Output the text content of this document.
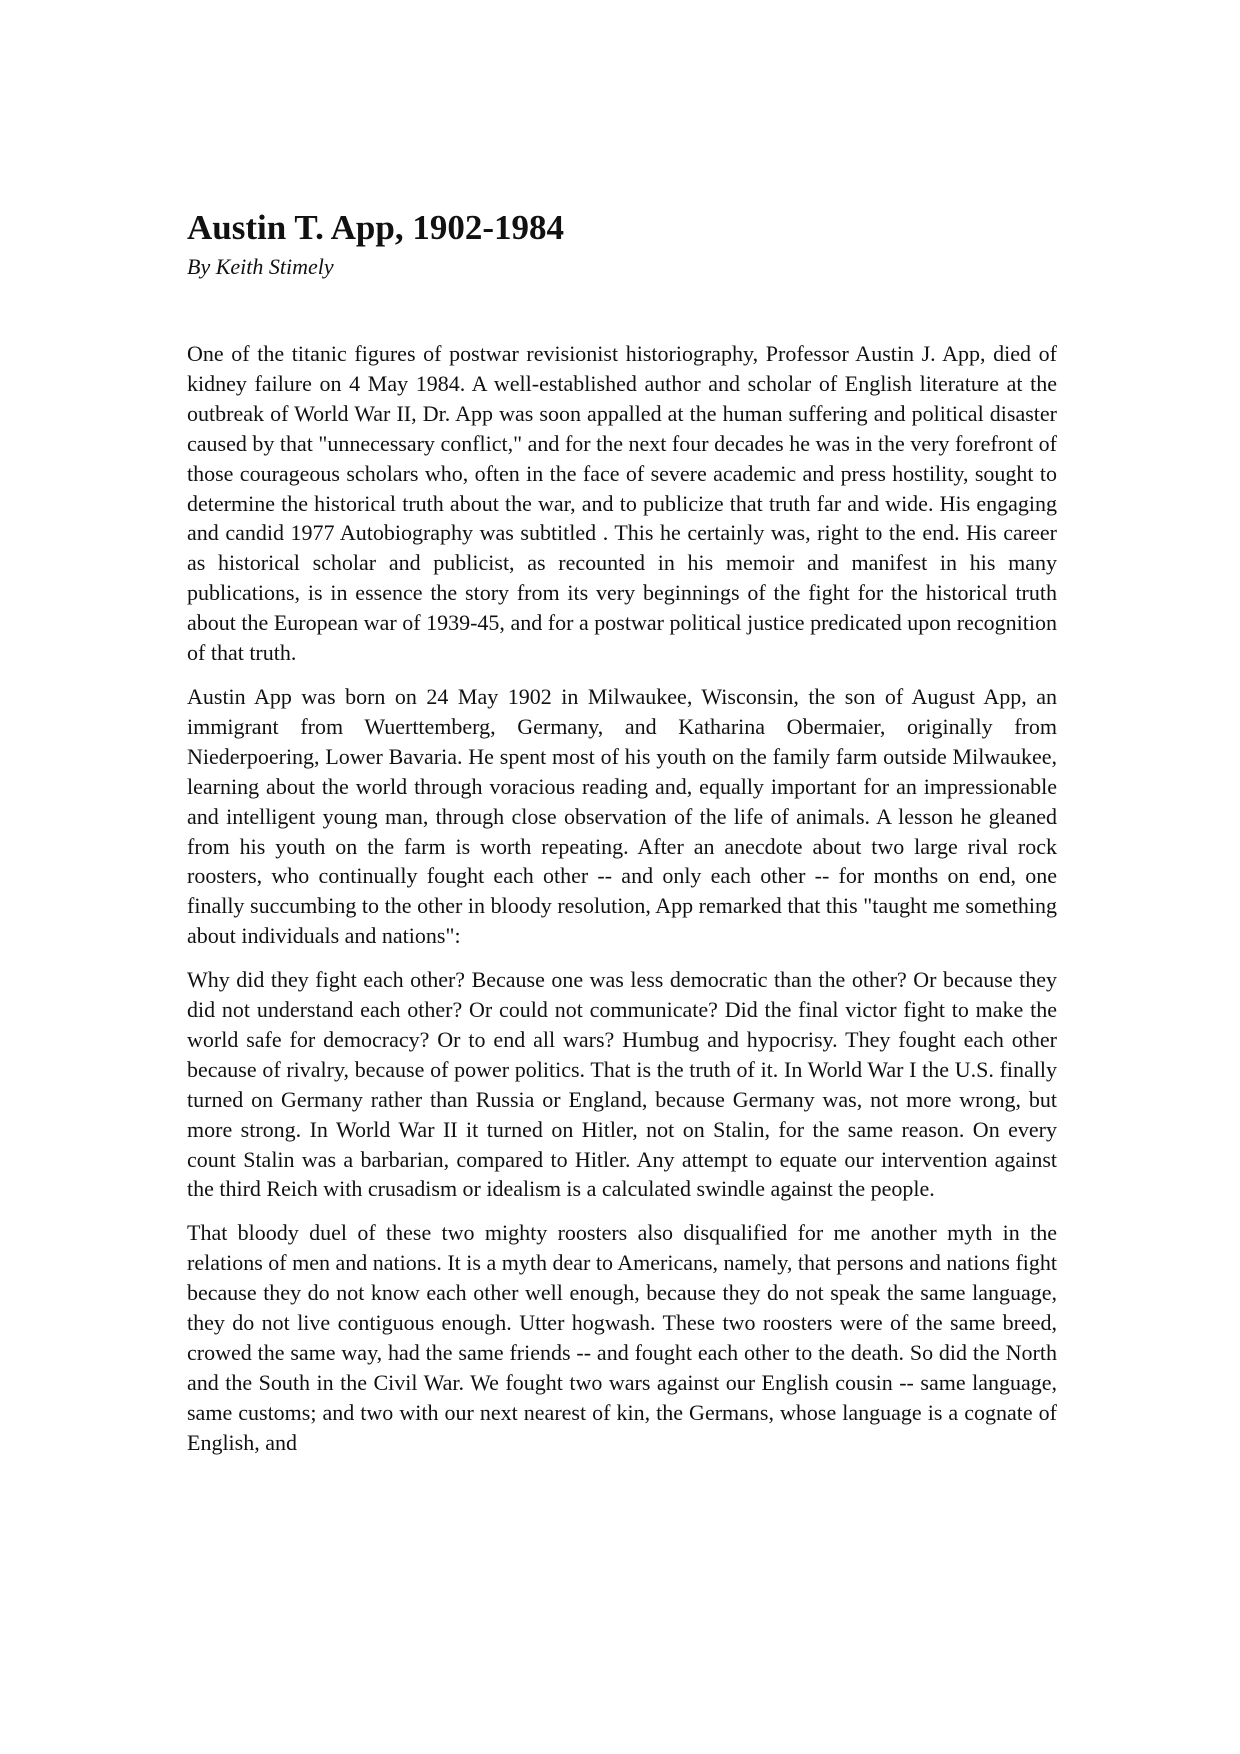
Austin T. App, 1902-1984
By Keith Stimely

One of the titanic figures of postwar revisionist historiography, Professor Austin J. App, died of kidney failure on 4 May 1984. A well-established author and scholar of English literature at the outbreak of World War II, Dr. App was soon appalled at the human suffering and political disaster caused by that "unnecessary conflict," and for the next four decades he was in the very forefront of those courageous scholars who, often in the face of severe academic and press hostility, sought to determine the historical truth about the war, and to publicize that truth far and wide. His engaging and candid 1977 Autobiography was subtitled . This he certainly was, right to the end. His career as historical scholar and publicist, as recounted in his memoir and manifest in his many publications, is in essence the story from its very beginnings of the fight for the historical truth about the European war of 1939-45, and for a postwar political justice predicated upon recognition of that truth.

Austin App was born on 24 May 1902 in Milwaukee, Wisconsin, the son of August App, an immigrant from Wuerttemberg, Germany, and Katharina Obermaier, originally from Niederpoering, Lower Bavaria. He spent most of his youth on the family farm outside Milwaukee, learning about the world through voracious reading and, equally important for an impressionable and intelligent young man, through close observation of the life of animals. A lesson he gleaned from his youth on the farm is worth repeating. After an anecdote about two large rival rock roosters, who continually fought each other -- and only each other -- for months on end, one finally succumbing to the other in bloody resolution, App remarked that this "taught me something about individuals and nations":

Why did they fight each other? Because one was less democratic than the other? Or because they did not understand each other? Or could not communicate? Did the final victor fight to make the world safe for democracy? Or to end all wars? Humbug and hypocrisy. They fought each other because of rivalry, because of power politics. That is the truth of it. In World War I the U.S. finally turned on Germany rather than Russia or England, because Germany was, not more wrong, but more strong. In World War II it turned on Hitler, not on Stalin, for the same reason. On every count Stalin was a barbarian, compared to Hitler. Any attempt to equate our intervention against the third Reich with crusadism or idealism is a calculated swindle against the people.

That bloody duel of these two mighty roosters also disqualified for me another myth in the relations of men and nations. It is a myth dear to Americans, namely, that persons and nations fight because they do not know each other well enough, because they do not speak the same language, they do not live contiguous enough. Utter hogwash. These two roosters were of the same breed, crowed the same way, had the same friends -- and fought each other to the death. So did the North and the South in the Civil War. We fought two wars against our English cousin -- same language, same customs; and two with our next nearest of kin, the Germans, whose language is a cognate of English, and
